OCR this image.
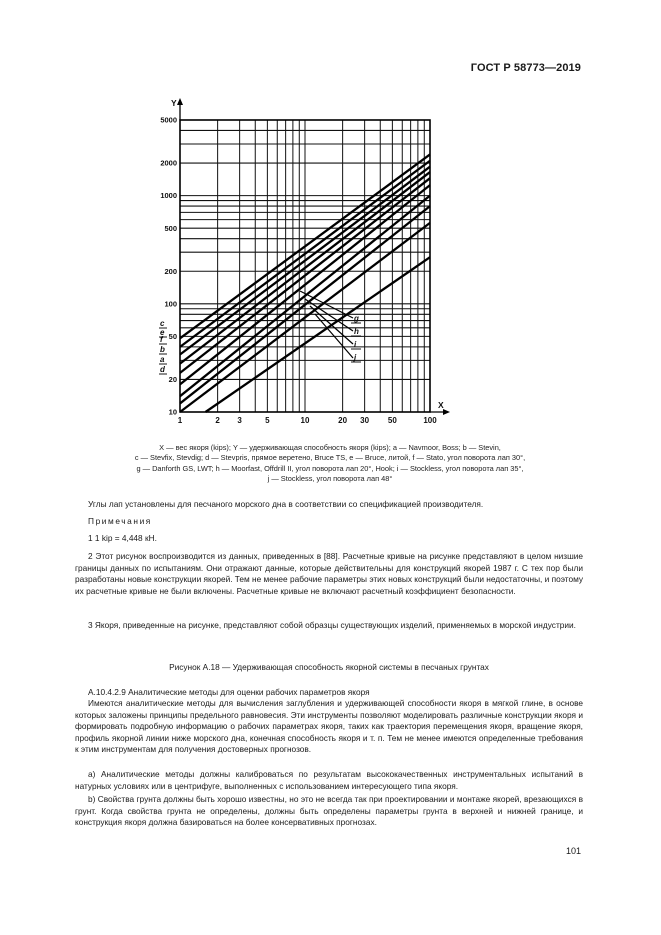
ГОСТ Р 58773—2019
5000
2000
1000
500
200
100
50
20
10
1	2 3	5	10	20 30 50	100
Y
X
c
e
f
b
a
d
g
h
i
j
X — вес якоря (kips); Y — удерживающая способность якоря (kips); a — Navmoor, Boss; b — Stevin,
c — Stevfix, Stevdig; d — Stevpris, прямое веретено, Bruce TS, e — Bruce, литой, f — Stato, угол поворота лап 30°,
g — Danforth GS, LWT; h — Moorfast, Offdrill II, угол поворота лап 20°, Hook; i — Stockless, угол поворота лап 35°,
j — Stockless, угол поворота лап 48°

Углы лап установлены для песчаного морского дна в соответствии со спецификацией производителя.

Примечания

1 1 kip = 4,448 кН.

2 Этот рисунок воспроизводится из данных, приведенных в [88]. Расчетные кривые на рисунке представляют в целом низшие границы данных по испытаниям. Они отражают данные, которые действительны для конструкций якорей 1987 г. С тех пор были разработаны новые конструкции якорей. Тем не менее рабочие параметры этих новых конструкций были недостаточны, и поэтому их расчетные кривые не были включены. Расчетные кривые не включают расчетный коэффициент безопасности.

3 Якоря, приведенные на рисунке, представляют собой образцы существующих изделий, применяемых в морской индустрии.

Рисунок А.18 — Удерживающая способность якорной системы в песчаных грунтах

А.10.4.2.9 Аналитические методы для оценки рабочих параметров якоря

Имеются аналитические методы для вычисления заглубления и удерживающей способности якоря в мягкой глине, в основе которых заложены принципы предельного равновесия. Эти инструменты позволяют моделировать различные конструкции якоря и формировать подробную информацию о рабочих параметрах якоря, таких как траектория перемещения якоря, вращение якоря, профиль якорной линии ниже морского дна, конечная способность якоря и т. п. Тем не менее имеются определенные требования к этим инструментам для получения достоверных прогнозов.

а) Аналитические методы должны калиброваться по результатам высококачественных инструментальных испытаний в натурных условиях или в центрифуге, выполненных с использованием интересующего типа якоря.

b) Свойства грунта должны быть хорошо известны, но это не всегда так при проектировании и монтаже якорей, врезающихся в грунт. Когда свойства грунта не определены, должны быть определены параметры грунта в верхней и нижней границе, и конструкция якоря должна базироваться на более консервативных прогнозах.

101
